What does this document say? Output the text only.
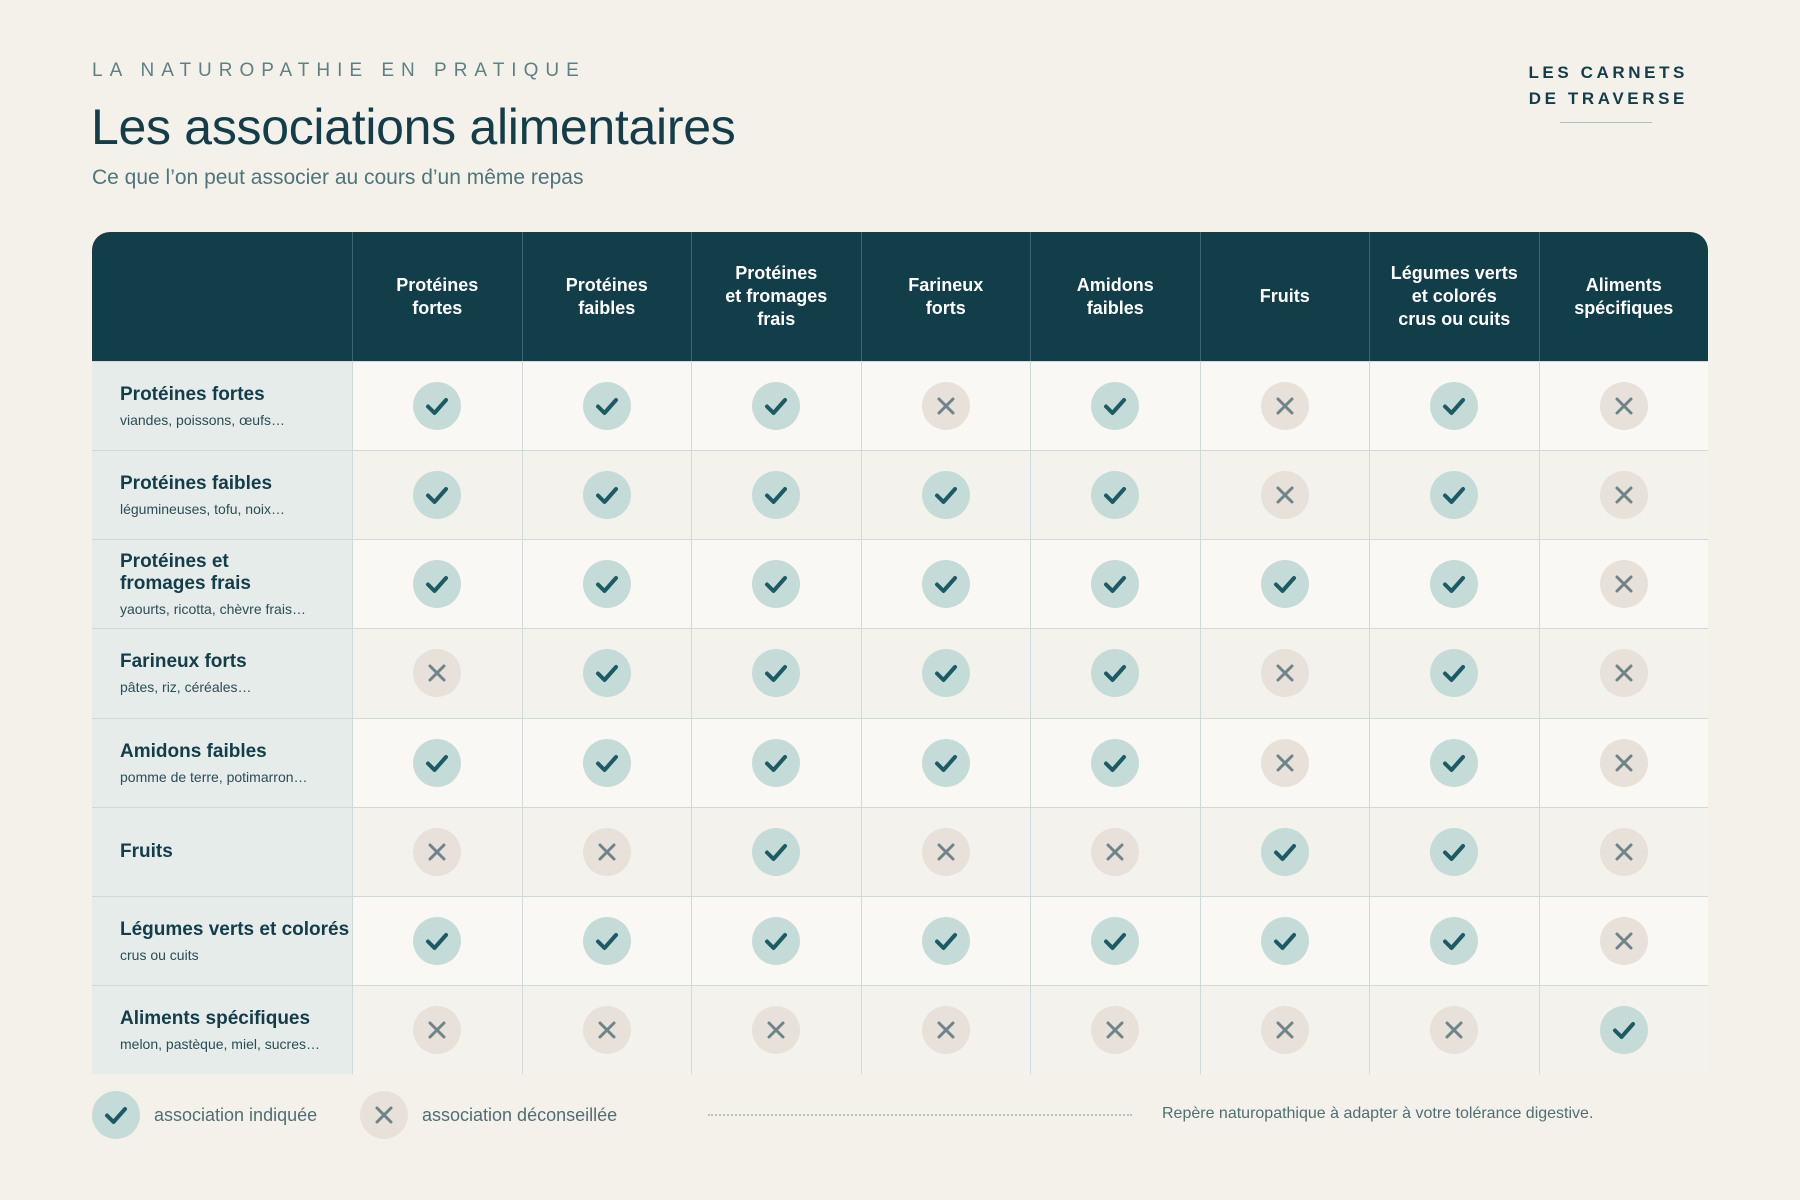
LA NATUROPATHIE EN PRATIQUE
Les associations alimentaires
Ce que l’on peut associer au cours d’un même repas
LES CARNETS
DE TRAVERSE
Protéines
fortes
Protéines
faibles
Protéines
et fromages
frais
Farineux
forts
Amidons
faibles
Fruits
Légumes verts
et colorés
crus ou cuits
Aliments
spécifiques
Protéines fortes
viandes, poissons, œufs…
Protéines faibles
légumineuses, tofu, noix…
Protéines et
fromages frais
yaourts, ricotta, chèvre frais…
Farineux forts
pâtes, riz, céréales…
Amidons faibles
pomme de terre, potimarron…
Fruits
Légumes verts et colorés
crus ou cuits
Aliments spécifiques
melon, pastèque, miel, sucres…
association indiquée	association déconseillée	Repère naturopathique à adapter à votre tolérance digestive.
